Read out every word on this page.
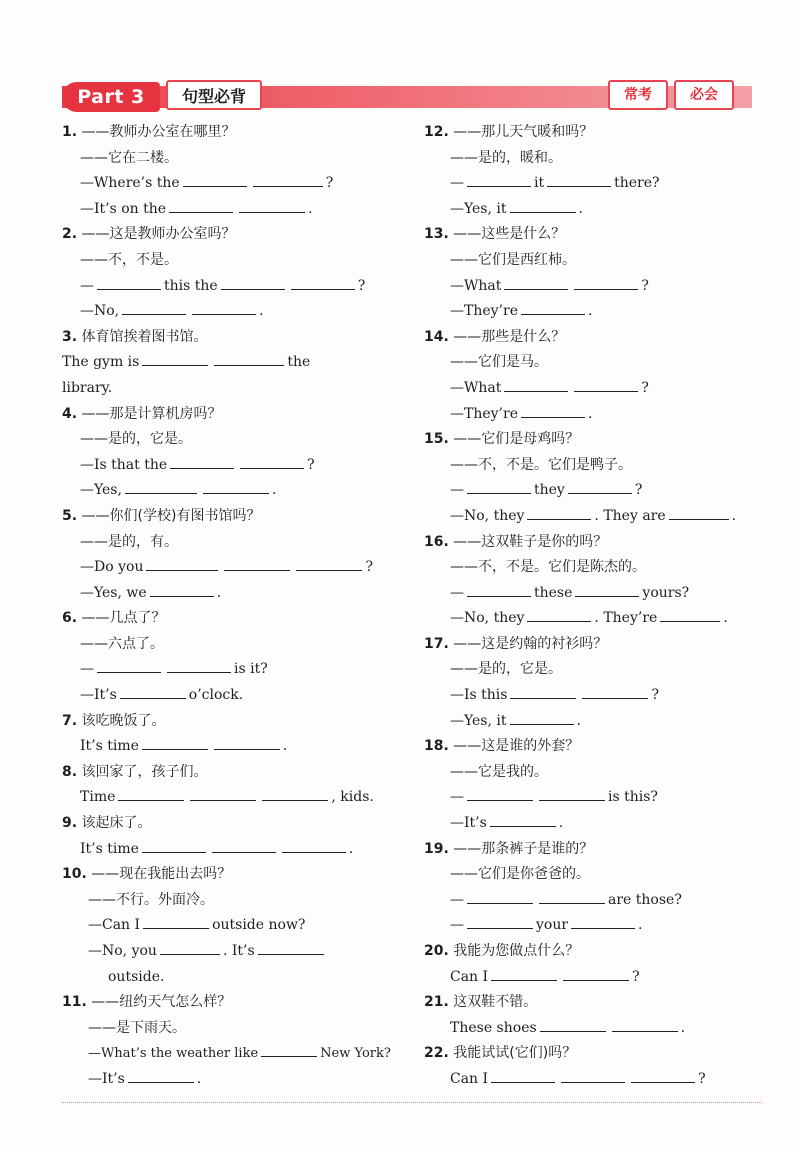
Part 3	句型必背	常考	必会
1. ——教师办公室在哪里？
——它在二楼。
—Where’s the	?
—It’s on the	.
2. ——这是教师办公室吗？
——不，不是。
—	this the	?
—No,	.
3. 体育馆挨着图书馆。
The gym is	the
library.
4. ——那是计算机房吗？
——是的，它是。
—Is that the	?
—Yes,	.
5. ——你们(学校)有图书馆吗？
——是的，有。
—Do you	?
—Yes, we	.
6. ——几点了？
——六点了。
—	is it?
—It’s	o’clock.
7. 该吃晚饭了。
It’s time	.
8. 该回家了，孩子们。
Time	, kids.
9. 该起床了。
It’s time	.
10. ——现在我能出去吗？
——不行。外面冷。
—Can I	outside now?
—No, you	. It’s
outside.
11. ——纽约天气怎么样？
——是下雨天。
—What’s the weather like	New York?
—It’s	.
12. ——那儿天气暖和吗？
——是的，暖和。
—	it	there?
—Yes, it	.
13. ——这些是什么？
——它们是西红柿。
—What	?
—They’re	.
14. ——那些是什么？
——它们是马。
—What	?
—They’re	.
15. ——它们是母鸡吗？
——不，不是。它们是鸭子。
—	they	?
—No, they	. They are	.
16. ——这双鞋子是你的吗？
——不，不是。它们是陈杰的。
—	these	yours?
—No, they	. They’re	.
17. ——这是约翰的衬衫吗？
——是的，它是。
—Is this	?
—Yes, it	.
18. ——这是谁的外套？
——它是我的。
—	is this?
—It’s	.
19. ——那条裤子是谁的？
——它们是你爸爸的。
—	are those?
—	your	.
20. 我能为您做点什么？
Can I	?
21. 这双鞋不错。
These shoes	.
22. 我能试试(它们)吗？
Can I	?
